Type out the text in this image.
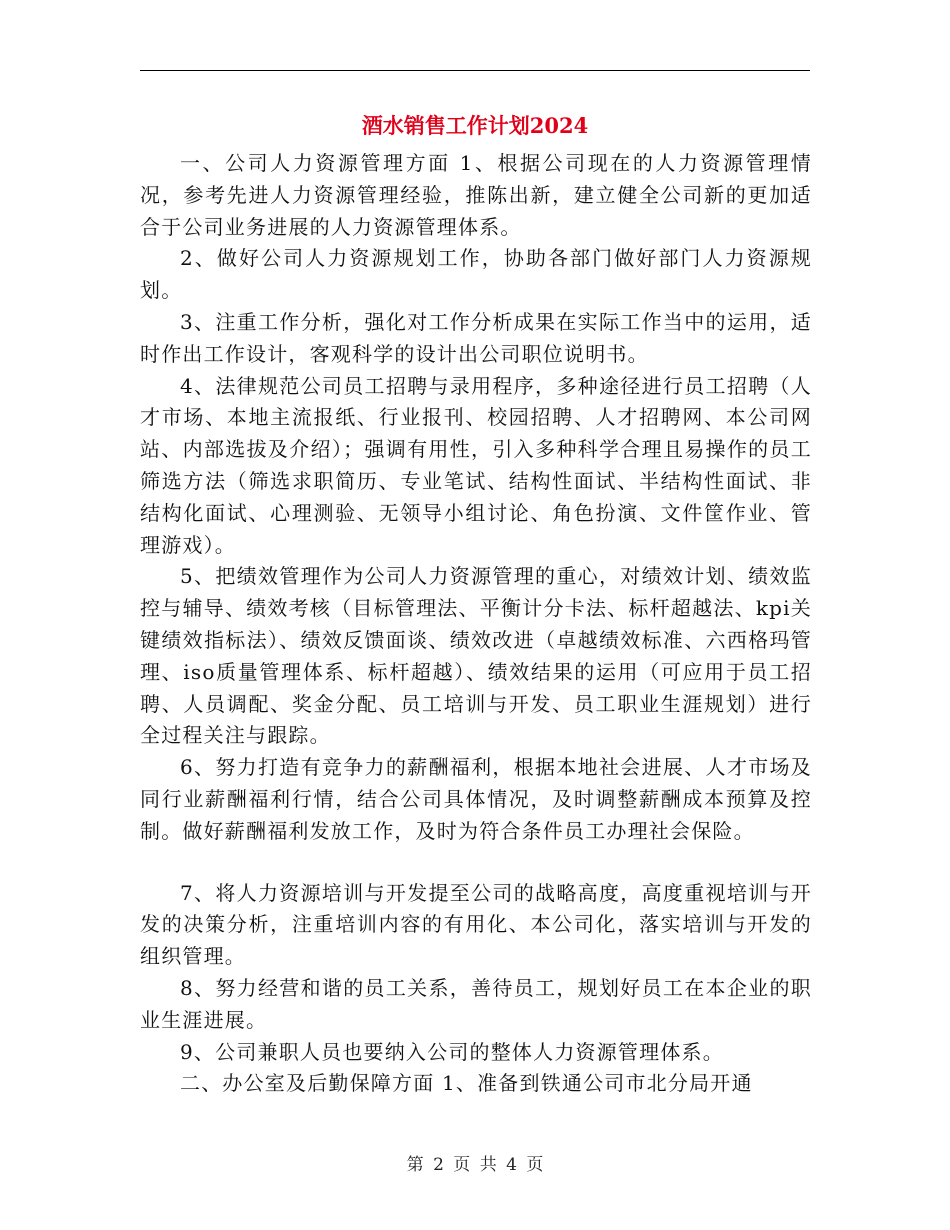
酒水销售工作计划2024

一、公司人力资源管理方面 1、根据公司现在的人力资源管理情况，参考先进人力资源管理经验，推陈出新，建立健全公司新的更加适合于公司业务进展的人力资源管理体系。

2、做好公司人力资源规划工作，协助各部门做好部门人力资源规划。

3、注重工作分析，强化对工作分析成果在实际工作当中的运用，适时作出工作设计，客观科学的设计出公司职位说明书。

4、法律规范公司员工招聘与录用程序，多种途径进行员工招聘（人才市场、本地主流报纸、行业报刊、校园招聘、人才招聘网、本公司网站、内部选拔及介绍）；强调有用性，引入多种科学合理且易操作的员工筛选方法（筛选求职简历、专业笔试、结构性面试、半结构性面试、非结构化面试、心理测验、无领导小组讨论、角色扮演、文件筐作业、管理游戏）。

5、把绩效管理作为公司人力资源管理的重心，对绩效计划、绩效监控与辅导、绩效考核（目标管理法、平衡计分卡法、标杆超越法、kpi关键绩效指标法）、绩效反馈面谈、绩效改进（卓越绩效标准、六西格玛管理、iso质量管理体系、标杆超越）、绩效结果的运用（可应用于员工招聘、人员调配、奖金分配、员工培训与开发、员工职业生涯规划）进行全过程关注与跟踪。

6、努力打造有竞争力的薪酬福利，根据本地社会进展、人才市场及同行业薪酬福利行情，结合公司具体情况，及时调整薪酬成本预算及控制。做好薪酬福利发放工作，及时为符合条件员工办理社会保险。

7、将人力资源培训与开发提至公司的战略高度，高度重视培训与开发的决策分析，注重培训内容的有用化、本公司化，落实培训与开发的组织管理。

8、努力经营和谐的员工关系，善待员工，规划好员工在本企业的职业生涯进展。

9、公司兼职人员也要纳入公司的整体人力资源管理体系。

二、办公室及后勤保障方面 1、准备到铁通公司市北分局开通

第 2 页 共 4 页
